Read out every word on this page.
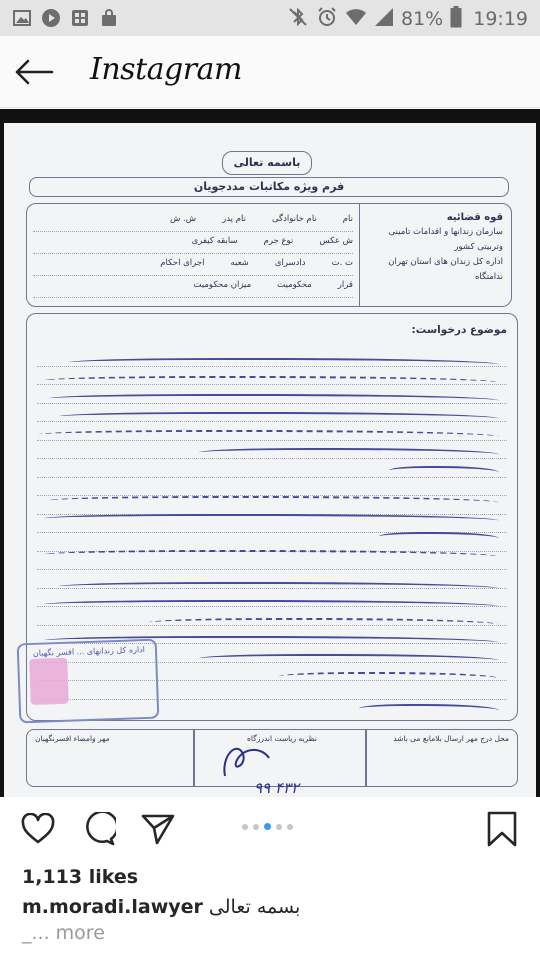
81% 19:19
Instagram
باسمه تعالی
فرم ویژه مکاتبات مددجویان
قوه قضائیه
سازمان زندانها و اقدامات تامینی وتربیتی کشور
اداره کل زندان های استان تهران
ندامتگاه
نام
نام خانوادگی
نام پدر
ش. ش
ش عکس
نوع جرم
سابقه کیفری
ت .ت
دادسرای
شعبه
اجرای احکام
قرار
محکومیت
میزان محکومیت
موضوع درخواست:
اداره کل زندانهای ... افسر نگهبان
محل درج مهر ارسال بلامانع می باشد
نظریه ریاست اندرزگاه
مهر وامضاء افسرنگهبان
۹۹ ۴۳۲
1,113 likes
m.moradi.lawyer بسمه تعالی
_... more
